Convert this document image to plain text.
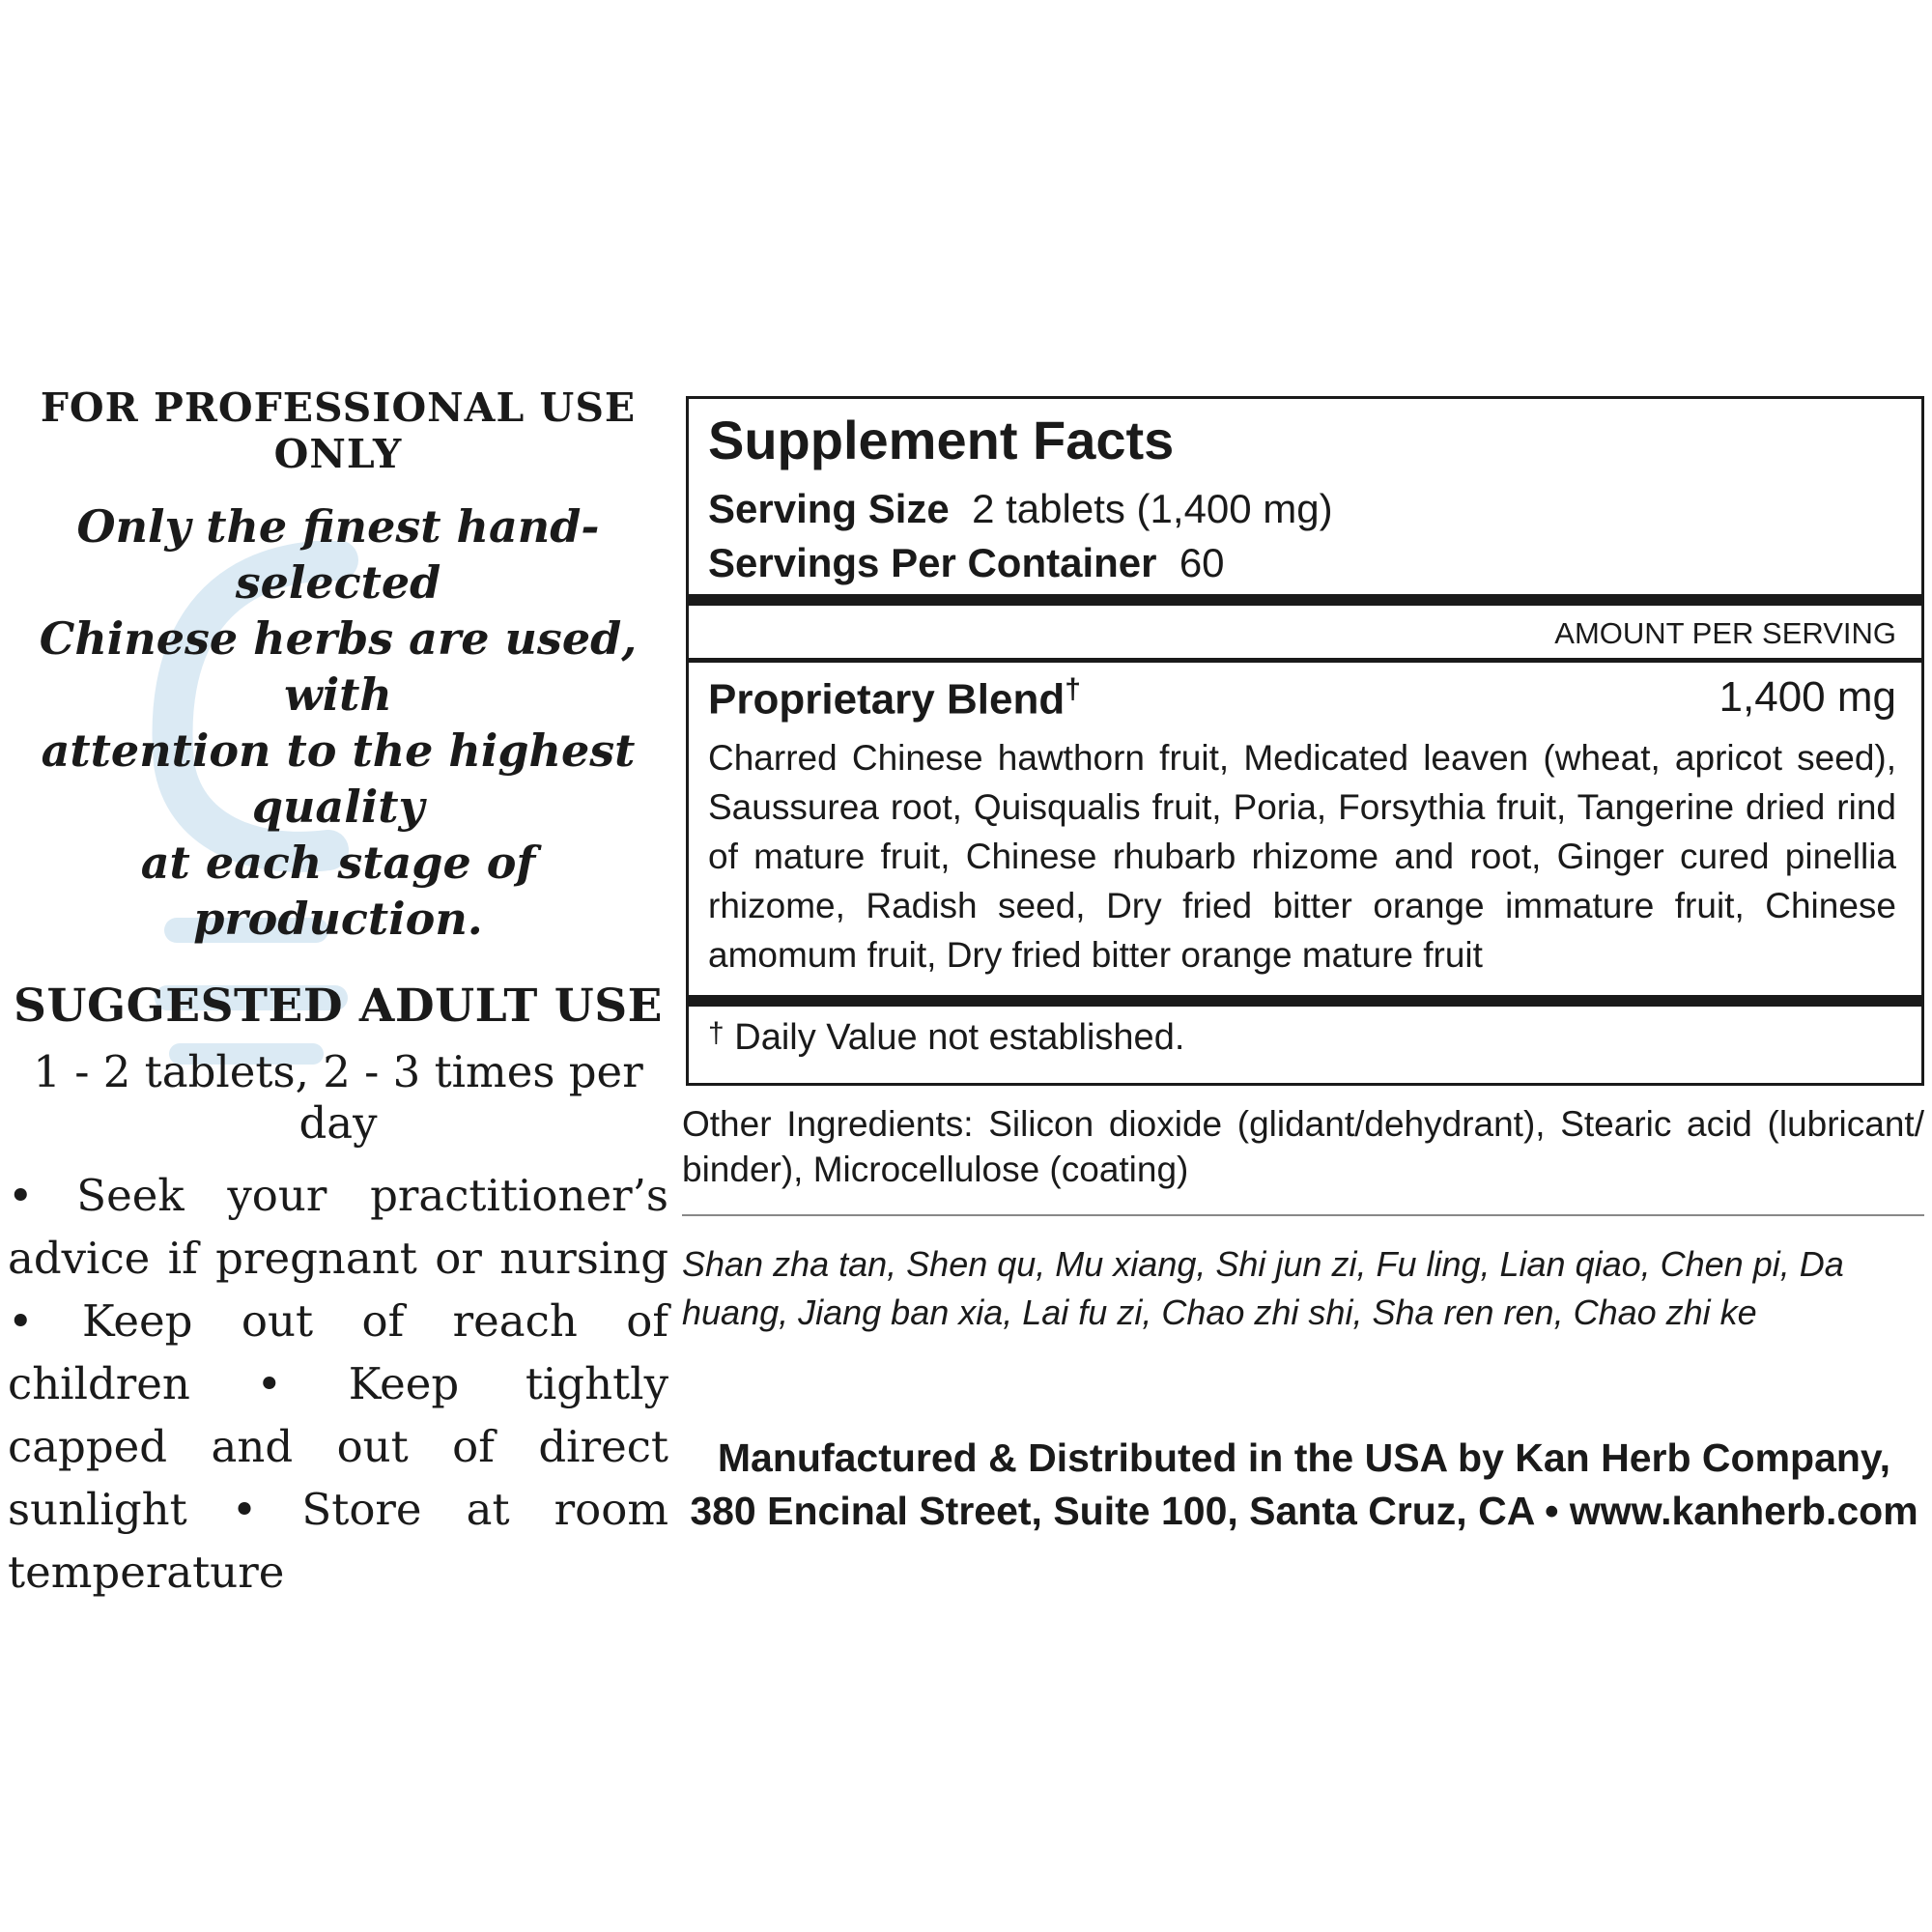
FOR PROFESSIONAL USE ONLY

Only the finest hand-selected
Chinese herbs are used, with
attention to the highest quality
at each stage of production.

SUGGESTED ADULT USE

1 - 2 tablets, 2 - 3 times per day

• Seek your practitioner’s advice if pregnant or nursing • Keep out of reach of children • Keep tightly capped and out of direct sunlight • Store at room temperature

Supplement Facts
Serving Size 2 tablets (1,400 mg)
Servings Per Container 60
AMOUNT PER SERVING
Proprietary Blend†	1,400 mg

Charred Chinese hawthorn fruit, Medicated leaven (wheat, apricot seed), Saussurea root, Quisqualis fruit, Poria, Forsythia fruit, Tangerine dried rind of mature fruit, Chinese rhubarb rhizome and root, Ginger cured pinellia rhizome, Radish seed, Dry fried bitter orange immature fruit, Chinese amomum fruit, Dry fried bitter orange mature fruit

† Daily Value not established.

Other Ingredients: Silicon dioxide (glidant/dehydrant), Stearic acid (lubricant/ binder), Microcellulose (coating)

Shan zha tan, Shen qu, Mu xiang, Shi jun zi, Fu ling, Lian qiao, Chen pi, Da huang, Jiang ban xia, Lai fu zi, Chao zhi shi, Sha ren ren, Chao zhi ke

Manufactured & Distributed in the USA by Kan Herb Company,
380 Encinal Street, Suite 100, Santa Cruz, CA • www.kanherb.com
